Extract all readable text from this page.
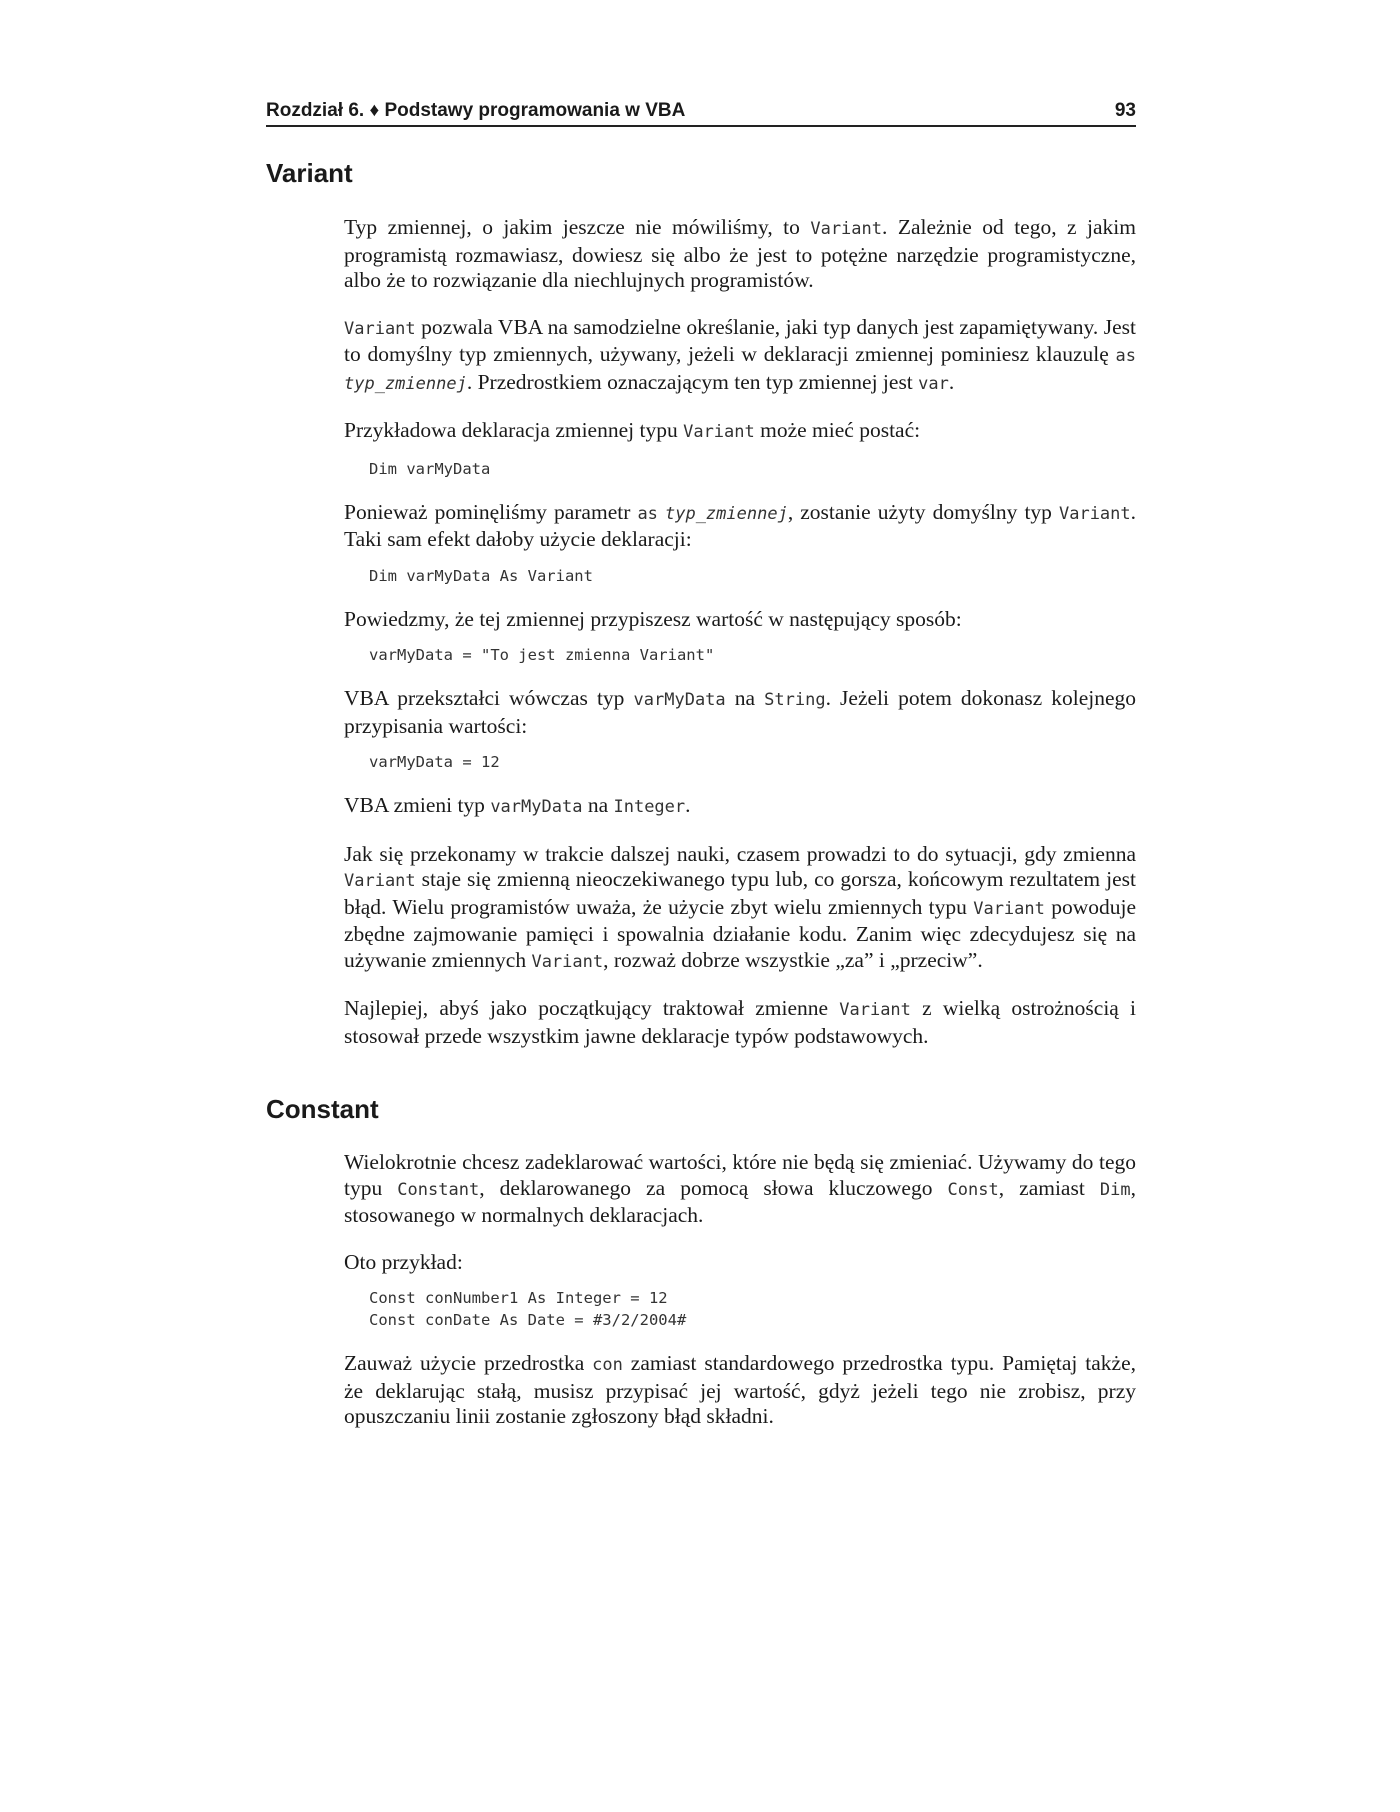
Rozdział 6. ♦ Podstawy programowania w VBA	93
Variant

Typ zmiennej, o jakim jeszcze nie mówiliśmy, to Variant. Zależnie od tego, z jakim programistą rozmawiasz, dowiesz się albo że jest to potężne narzędzie programistyczne, albo że to rozwiązanie dla niechlujnych programistów.

Variant pozwala VBA na samodzielne określanie, jaki typ danych jest zapamiętywany. Jest to domyślny typ zmiennych, używany, jeżeli w deklaracji zmiennej pominiesz klauzulę as typ_zmiennej. Przedrostkiem oznaczającym ten typ zmiennej jest var.

Przykładowa deklaracja zmiennej typu Variant może mieć postać:

Dim varMyData

Ponieważ pominęliśmy parametr as typ_zmiennej, zostanie użyty domyślny typ Variant. Taki sam efekt dałoby użycie deklaracji:

Dim varMyData As Variant

Powiedzmy, że tej zmiennej przypiszesz wartość w następujący sposób:

varMyData = "To jest zmienna Variant"

VBA przekształci wówczas typ varMyData na String. Jeżeli potem dokonasz kolejnego przypisania wartości:

varMyData = 12

VBA zmieni typ varMyData na Integer.

Jak się przekonamy w trakcie dalszej nauki, czasem prowadzi to do sytuacji, gdy zmienna Variant staje się zmienną nieoczekiwanego typu lub, co gorsza, końcowym rezultatem jest błąd. Wielu programistów uważa, że użycie zbyt wielu zmiennych typu Variant powoduje zbędne zajmowanie pamięci i spowalnia działanie kodu. Zanim więc zdecydujesz się na używanie zmiennych Variant, rozważ dobrze wszystkie „za” i „przeciw”.

Najlepiej, abyś jako początkujący traktował zmienne Variant z wielką ostrożnością i stosował przede wszystkim jawne deklaracje typów podstawowych.

Constant

Wielokrotnie chcesz zadeklarować wartości, które nie będą się zmieniać. Używamy do tego typu Constant, deklarowanego za pomocą słowa kluczowego Const, zamiast Dim, stosowanego w normalnych deklaracjach.

Oto przykład:

Const conNumber1 As Integer = 12
Const conDate As Date = #3/2/2004#

Zauważ użycie przedrostka con zamiast standardowego przedrostka typu. Pamiętaj także, że deklarując stałą, musisz przypisać jej wartość, gdyż jeżeli tego nie zrobisz, przy opuszczaniu linii zostanie zgłoszony błąd składni.
